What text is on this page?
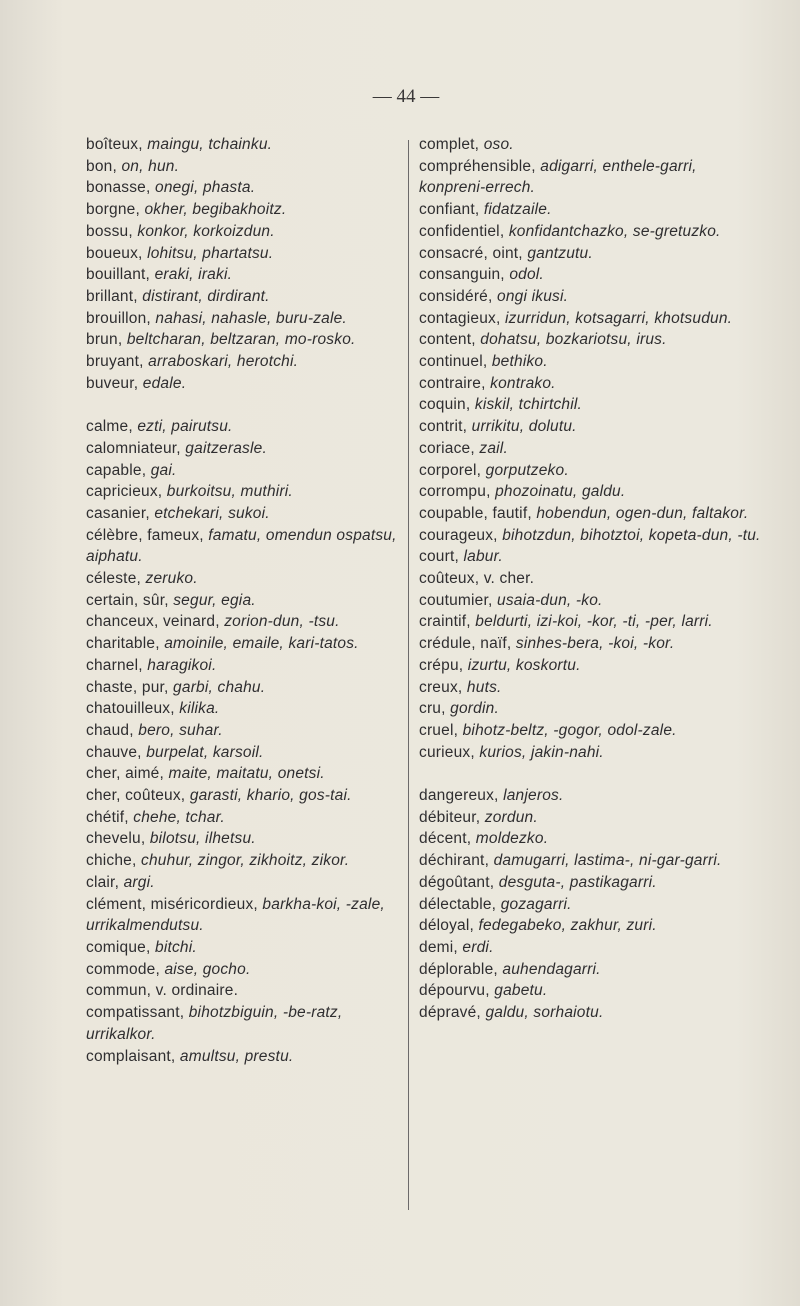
— 44 —

boîteux, maingu, tchainku.

bon, on, hun.

bonasse, onegi, phasta.

borgne, okher, begibakhoitz.

bossu, konkor, korkoizdun.

boueux, lohitsu, phartatsu.

bouillant, eraki, iraki.

brillant, distirant, dirdirant.

brouillon, nahasi, nahasle, buru-zale.

brun, beltcharan, beltzaran, mo-rosko.

bruyant, arraboskari, herotchi.

buveur, edale.

calme, ezti, pairutsu.

calomniateur, gaitzerasle.

capable, gai.

capricieux, burkoitsu, muthiri.

casanier, etchekari, sukoi.

célèbre, fameux, famatu, omendun ospatsu, aiphatu.

céleste, zeruko.

certain, sûr, segur, egia.

chanceux, veinard, zorion-dun, -tsu.

charitable, amoinile, emaile, kari-tatos.

charnel, haragikoi.

chaste, pur, garbi, chahu.

chatouilleux, kilika.

chaud, bero, suhar.

chauve, burpelat, karsoil.

cher, aimé, maite, maitatu, onetsi.

cher, coûteux, garasti, khario, gos-tai.

chétif, chehe, tchar.

chevelu, bilotsu, ilhetsu.

chiche, chuhur, zingor, zikhoitz, zikor.

clair, argi.

clément, miséricordieux, barkha-koi, -zale, urrikalmendutsu.

comique, bitchi.

commode, aise, gocho.

commun, v. ordinaire.

compatissant, bihotzbiguin, -be-ratz, urrikalkor.

complaisant, amultsu, prestu.

complet, oso.

compréhensible, adigarri, enthele-garri, konpreni-errech.

confiant, fidatzaile.

confidentiel, konfidantchazko, se-gretuzko.

consacré, oint, gantzutu.

consanguin, odol.

considéré, ongi ikusi.

contagieux, izurridun, kotsagarri, khotsudun.

content, dohatsu, bozkariotsu, irus.

continuel, bethiko.

contraire, kontrako.

coquin, kiskil, tchirtchil.

contrit, urrikitu, dolutu.

coriace, zail.

corporel, gorputzeko.

corrompu, phozoinatu, galdu.

coupable, fautif, hobendun, ogen-dun, faltakor.

courageux, bihotzdun, bihotztoi, kopeta-dun, -tu.

court, labur.

coûteux, v. cher.

coutumier, usaia-dun, -ko.

craintif, beldurti, izi-koi, -kor, -ti, -per, larri.

crédule, naïf, sinhes-bera, -koi, -kor.

crépu, izurtu, koskortu.

creux, huts.

cru, gordin.

cruel, bihotz-beltz, -gogor, odol-zale.

curieux, kurios, jakin-nahi.

dangereux, lanjeros.

débiteur, zordun.

décent, moldezko.

déchirant, damugarri, lastima-, ni-gar-garri.

dégoûtant, desguta-, pastikagarri.

délectable, gozagarri.

déloyal, fedegabeko, zakhur, zuri.

demi, erdi.

déplorable, auhendagarri.

dépourvu, gabetu.

dépravé, galdu, sorhaiotu.
